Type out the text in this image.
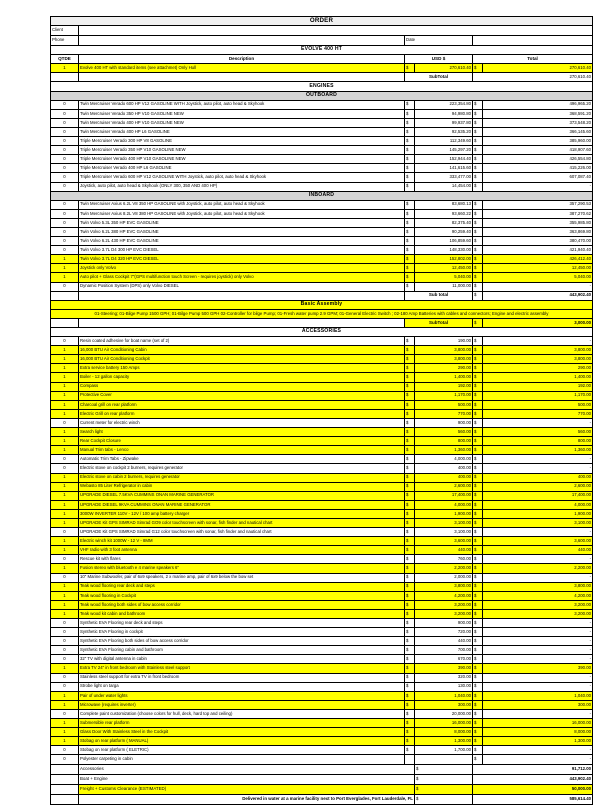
ORDER					
Client					
Phone		Date			
EVOLVE 400 HT					
QTDE	Description	USD $		Total	
1	Evolve 400 HT with standard items (see attachmet) Only Hull	$	270,610.40	$	270,610.40
		SubTotal		270,610.40	
ENGINES					
OUTBOARD					
0	Twin Mercruiser Verado 600 HP V12 GASOLINE WITH Joystick, auto pilot, auto head & Skyhook	$	223,354.80	$	496,965.20
0	Twin Mercruiser Verado 350 HP V10 GASOLINE NEW	$	94,980.80	$	368,591.20
0	Twin Mercruiser Verado 400 HP V10 GASOLINE NEW	$	99,937.80	$	373,548.20
0	Twin Mercruiser Verado 400 HP L6 GASOLINE	$	92,535.20	$	366,145.60
0	Triple Mercruiser Verado 300 HP V8 GASOLINE	$	112,349.60	$	385,960.00
0	Triple Mercruiser Verado 350 HP V10 GASOLINE NEW	$	145,297.20	$	418,907.60
0	Triple Mercruiser Verado 400 HP V10 GASOLINE NEW	$	152,944.40	$	426,554.80
0	Triple Mercruiser Verado 400 HP L6 GASOLINE	$	141,615.60	$	415,226.00
0	Triple Mercruiser Verado 600 HP V12 GASOLINE WITH Joystick, auto pilot, auto head & Skyhook	$	333,477.00	$	607,087.40
0	Joystick, auto pilot, auto head & Skyhook (ONLY 300, 350 AND 400 HP)	$	14,454.00	$	-
INBOARD					
0	Twin Mercruiser Axius 6.2L V8 350 HP GASOLINE with Joystick, auto pilot, auto head & Skyhook	$	83,680.13	$	357,290.53
0	Twin Mercruiser Axius 8.2L V8 380 HP GASOLINE with Joystick, auto pilot, auto head & Skyhook	$	93,660.22	$	387,270.62
0	Twin Volvo 5.3L 350 HP EVC GASOLINE	$	82,375.40	$	355,985.80
0	Twin Volvo 6.2L 380 HP EVC GASOLINE	$	90,259.40	$	363,869.80
0	Twin Volvo 6.2L 430 HP EVC GASOLINE	$	106,859.60	$	380,470.00
0	Twin Volvo 3.7L D4 300 HP EVC DIESEL	$	148,330.00	$	421,940.40
1	Twin Volvo 3.7L D4 320 HP EVC DIESEL	$	152,802.00	$	426,412.40
1	Joystick only Volvo	$	12,450.00	$	12,450.00
1	Auto pilot + Glass Cockpit 7"(GPS multifunction touch Screen - requires joystick) only Volvo	$	5,040.00	$	5,040.00
0	Dynamic Position System (DPS) only Volvo DIESEL	$	11,000.00	$	-
		Sub total		$	443,902.40
Basic Assembly					
01-Steering; 01-Bilge Pump 1500 GPH; 01-Bilge Pump 500 GPH 02-Controller for bilge Pump; 01-Fresh water pump 2.9 GPM; 01-General Electric Switch ; 02-180 Amp Batteries with cables and connectors; Engine and electric assembly					
		SubTotal		$	3,000.00
ACCESSORIES					
0	Resin coated adhesive for boat name (set of 2)	$	190.00	$	-
1	16,000 BTU Air Conditioning Cabin	$	3,800.00	$	3,800.00
1	16,000 BTU Air Conditioning Cockpit	$	3,800.00	$	3,800.00
1	Extra service battery 150 Amps	$	290.00	$	290.00
1	Boiler - 12 gallon capacity	$	1,400.00	$	1,400.00
1	Compass	$	192.00	$	192.00
1	Protective Cover	$	1,170.00	$	1,170.00
1	Charcoal grill on rear platform	$	500.00	$	500.00
1	Electric Grill on rear platform	$	770.00	$	770.00
0	Current meter for electric winch	$	900.00	$	-
1	Search light	$	560.00	$	560.00
1	Rear Cockpit Closure	$	800.00	$	800.00
1	Manual Trim tabs - Lenco	$	1,360.00	$	1,360.00
0	Automatic Trim Tabs - Zipwake	$	4,000.00	$	-
0	Electric stove on cockpit 2 burners, requires generator	$	400.00	$	-
1	Electric stove on cabin 2 burners, requires generator	$	400.00	$	400.00
1	Webasto 85 Liter Refrigerator in cabin	$	2,600.00	$	2,600.00
1	UPGRADE DIESEL 7.5KVA CUMMINS ONAN MARINE GENERATOR	$	17,400.00	$	17,400.00
1	UPGRADE DIESEL 9KVA CUMMINS ONAN MARINE GENERATOR	$	4,000.00	$	4,000.00
1	3000W INVERTER 110V - 12V / 100 amp battery charger	$	1,900.00	$	1,900.00
1	UPGRADE Kit GPS SIMRAD Simrad GO9 color touchscreen with sonar, fish finder and nautical chart	$	3,100.00	$	3,100.00
0	UPGRADE Kit GPS SIMRAD Simrad G12 color touchscreen with sonar, fish finder and nautical chart	$	3,100.00	$	-
1	Electric winch kit 1000W - 12 V - 8MM	$	3,600.00	$	3,600.00
1	VHF radio with 3 foot antenna	$	440.00	$	440.00
0	Rescue kit with flares	$	760.00	$	-
1	Fusion stereo with bluetooth e 4 marine speakers 6"	$	2,200.00	$	2,200.00
0	10" Marine Subwoofer, pair of 6x9 speakers, 2 x marine amp, pair of 6x9 below the bow set	$	2,000.00	$	-
1	Teak wood flooring rear deck and steps	$	3,800.00	$	3,800.00
1	Teak wood flooring in Cockpit	$	4,200.00	$	4,200.00
1	Teak wood flooring both sides of bow access corridor	$	3,200.00	$	3,200.00
1	Teak wood kit cabin and bathroom	$	3,200.00	$	3,200.00
0	Synthetic EVA Flooring rear deck and steps	$	900.00	$	-
0	Synthetic EVA Flooring in cockpit	$	720.00	$	-
0	Synthetic EVA Flooring both sides of bow access corridor	$	440.00	$	-
0	Synthetic EVA Flooring cabin and bathroom	$	700.00	$	-
0	32" TV with digital antenna in cabin	$	670.00	$	-
1	Extra TV 24" in front bedroom with Stainless steel support	$	390.00	$	390.00
0	Stainless steel support for extra TV in front bedroom	$	320.00	$	-
0	Strobe light on targa	$	130.00	$	-
1	Pair of under water lights	$	1,040.00	$	1,040.00
1	Microwave (requires inverter)	$	300.00	$	300.00
0	Complete paint customization (choose colors for hull, deck, hard top and ceiling)	$	20,000.00	$	-
1	Submersible rear platform	$	16,000.00	$	16,000.00
1	Glass Door With Stainless Steel in the Cockpit	$	8,000.00	$	8,000.00
1	Stobag on rear platform ( MANUAL)	$	1,300.00	$	1,300.00
0	Stobag on rear platform ( ELETRIC)	$	1,700.00	$	-
0	Polyester carpeting in cabin			$	-
	Accessories		$	91,712.00	
	Boat + Engine		$	443,902.40	
	Freight + Customs Clearance (ESTIMATED)		$	50,000.00	
	Delivered in water at a marine facility next to Port Everglades, Fort Lauderdale, FL		$	585,614.40	
